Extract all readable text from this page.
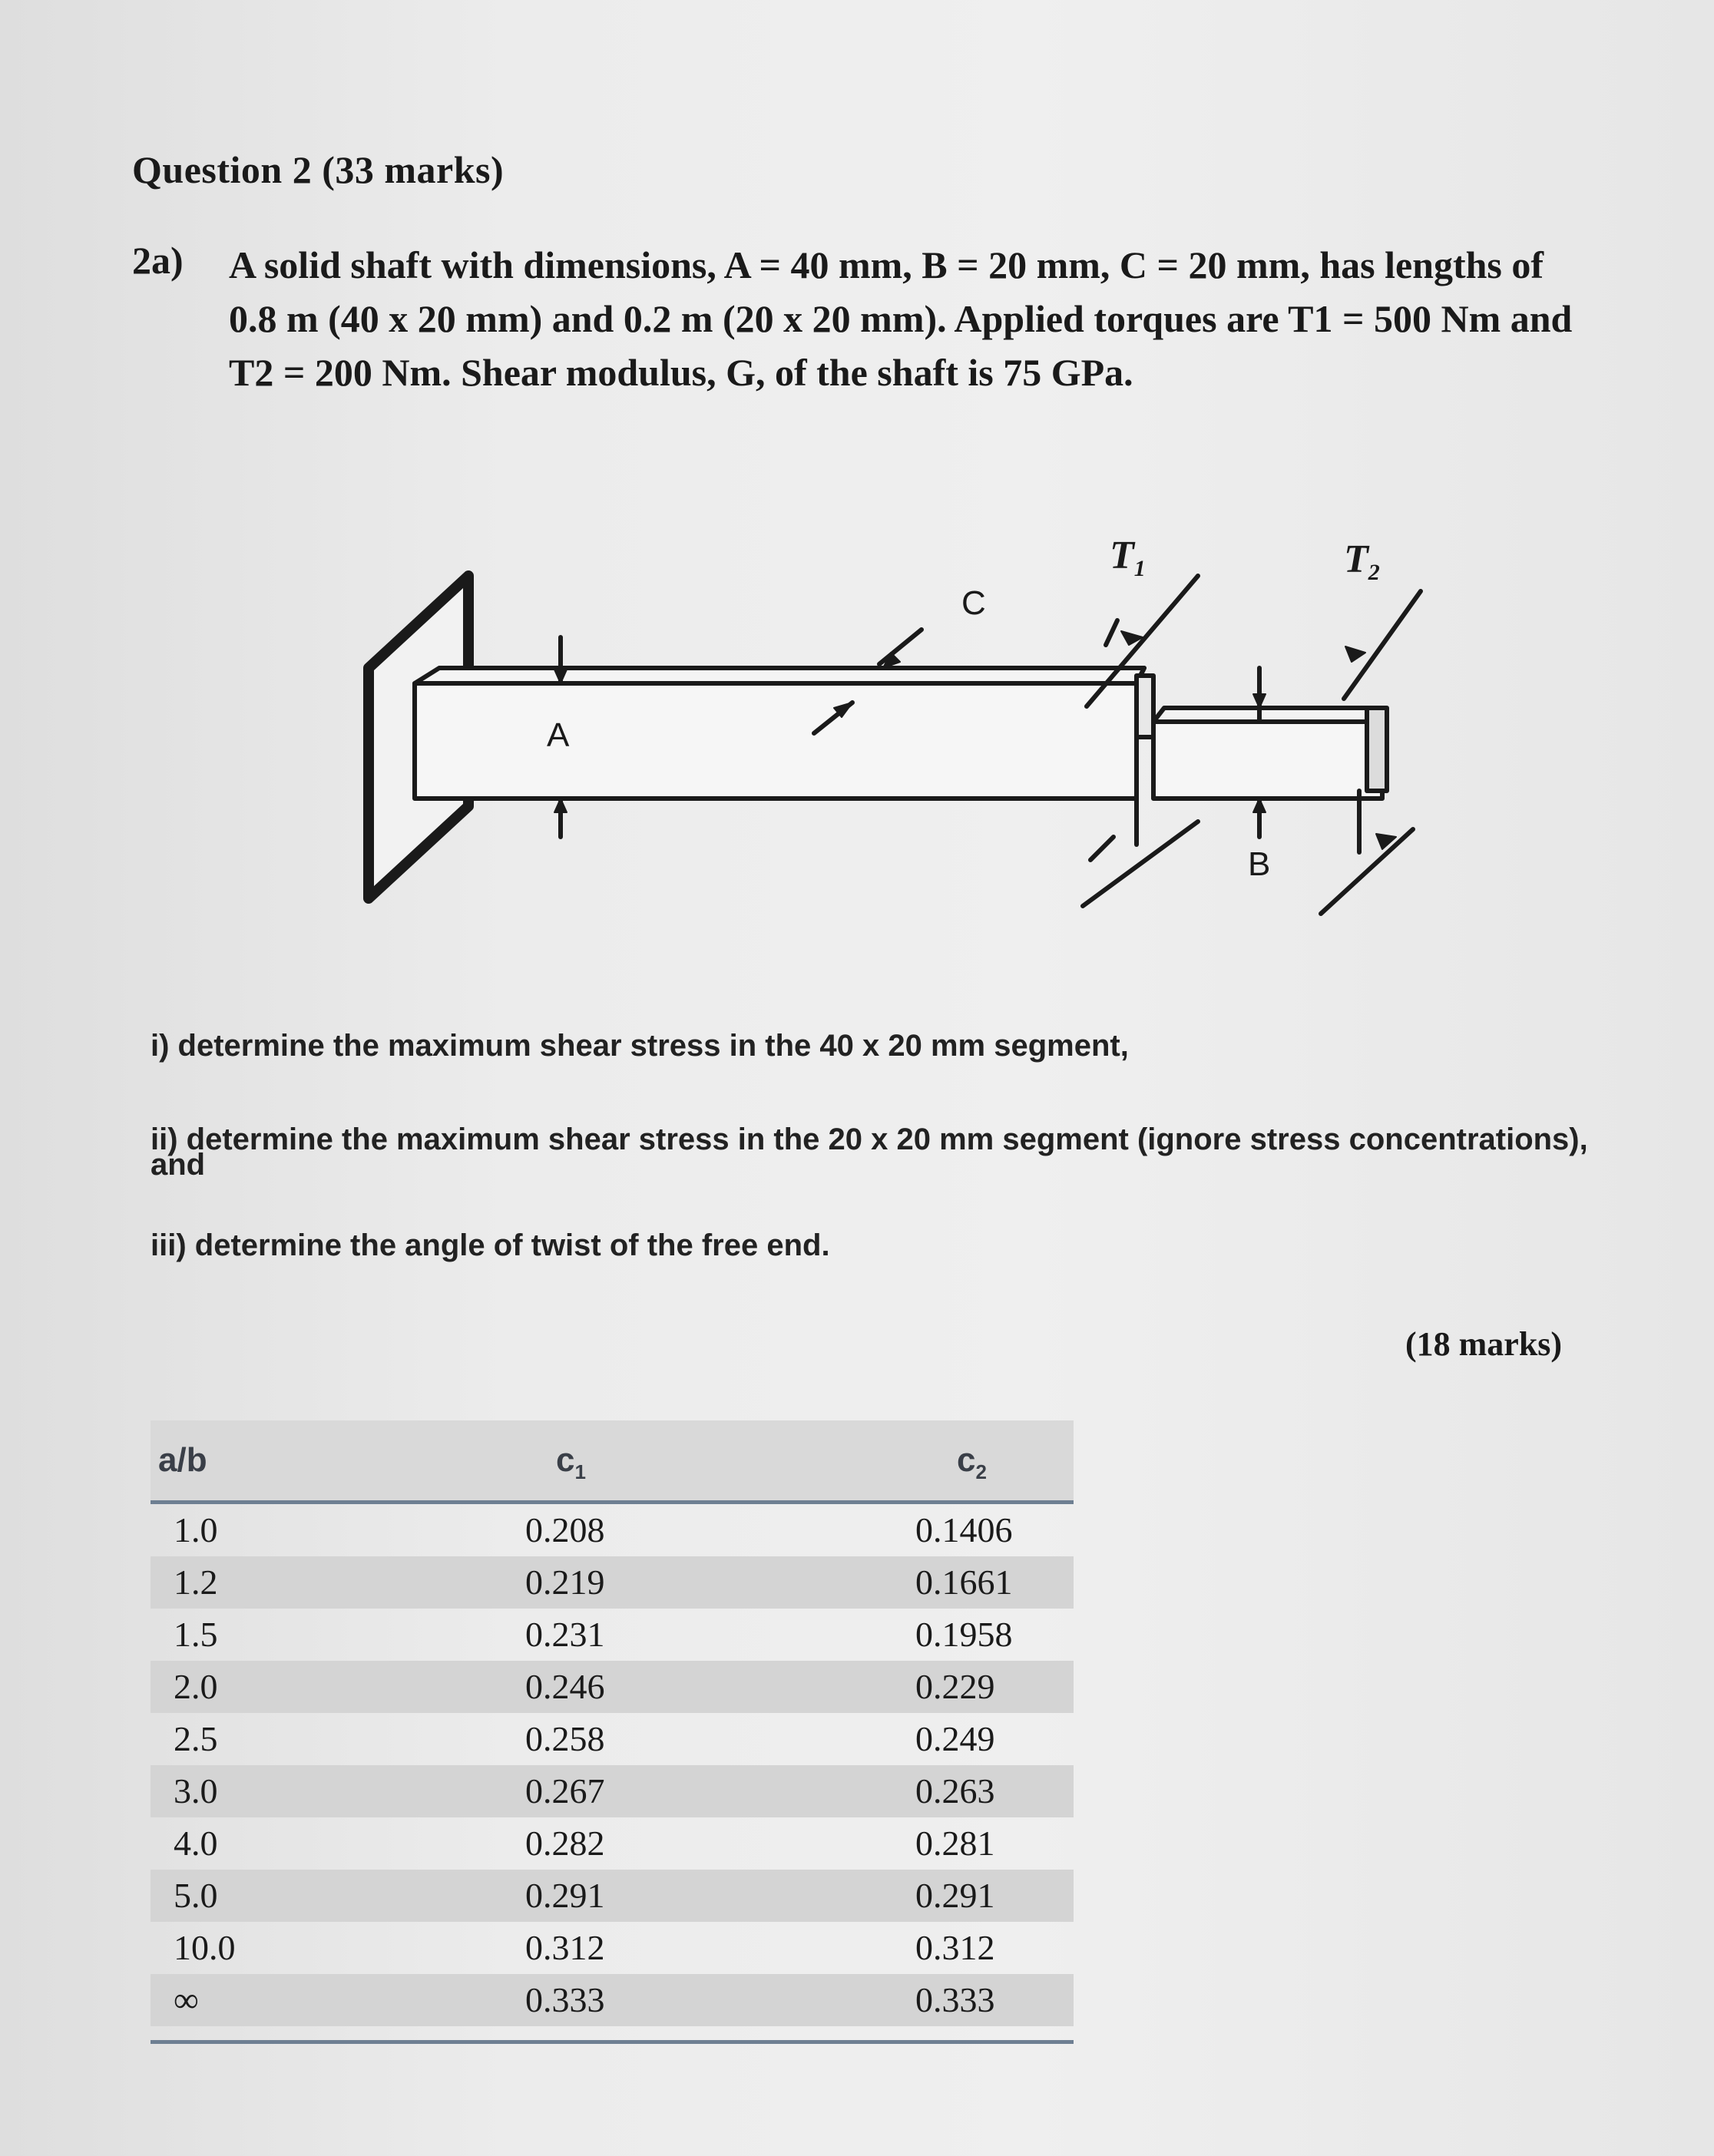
Question 2 (33 marks)
2a) A solid shaft with dimensions, A = 40 mm, B = 20 mm, C = 20 mm, has lengths of
0.8 m (40 x 20 mm) and 0.2 m (20 x 20 mm). Applied torques are T1 = 500 Nm and
T2 = 200 Nm. Shear modulus, G, of the shaft is 75 GPa.
A
C
B
T1	T2
i) determine the maximum shear stress in the 40 x 20 mm segment,
ii) determine the maximum shear stress in the 20 x 20 mm segment (ignore stress concentrations),
and
iii) determine the angle of twist of the free end.
(18 marks)
a/b	$c_1$	$c_2$
1.0	0.208	0.1406
1.2	0.219	0.1661
1.5	0.231	0.1958
2.0	0.246	0.229
2.5	0.258	0.249
3.0	0.267	0.263
4.0	0.282	0.281
5.0	0.291	0.291
10.0	0.312	0.312
∞	0.333	0.333
